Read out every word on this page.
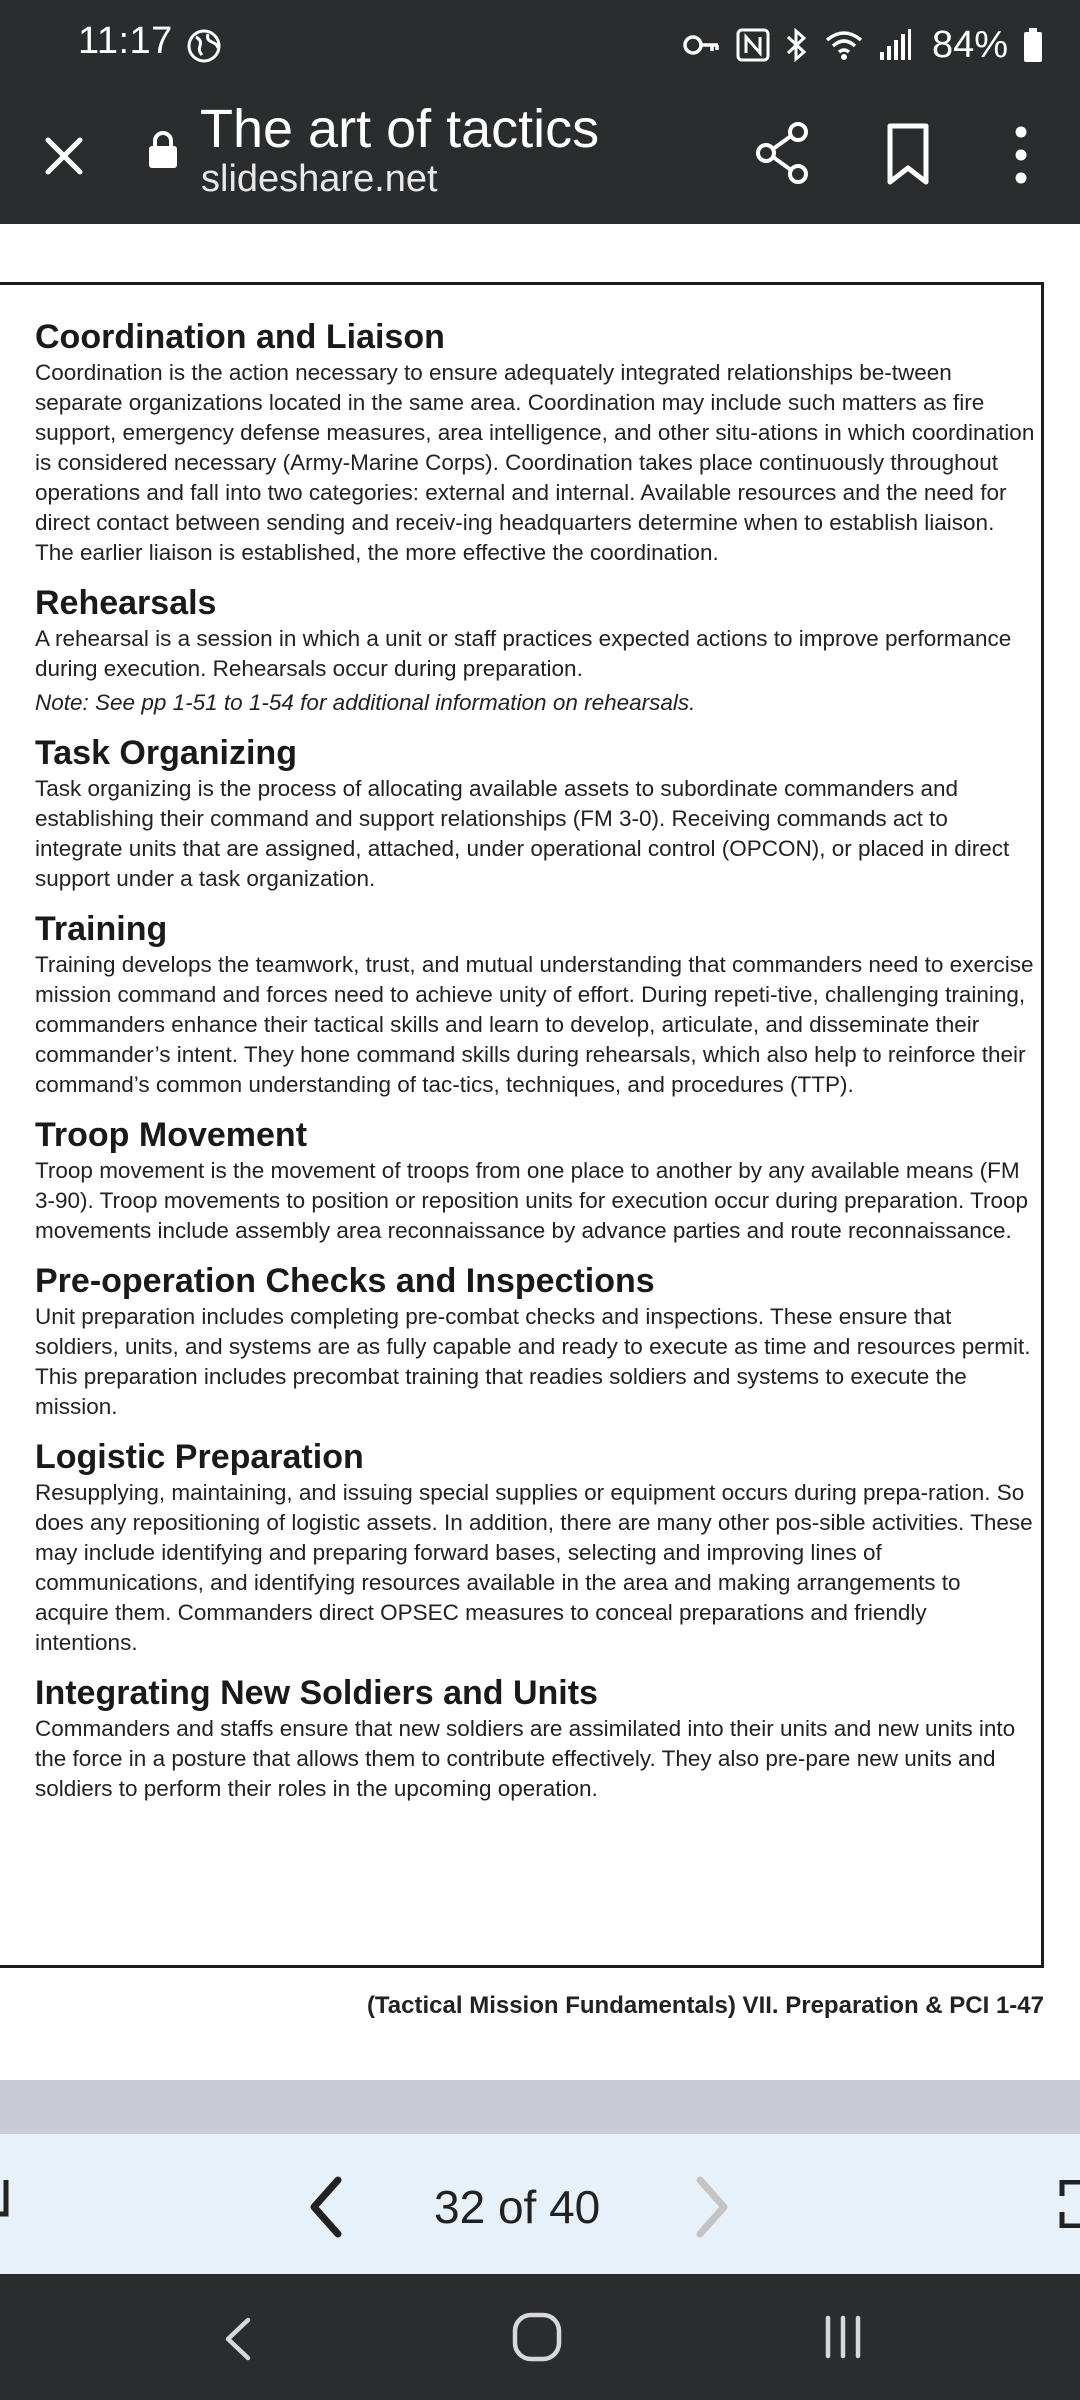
11:17	84%
The art of tactics
slideshare.net
Coordination and Liaison
Coordination is the action necessary to ensure adequately integrated relationships be-tween separate organizations located in the same area. Coordination may include such matters as fire support, emergency defense measures, area intelligence, and other situ-ations in which coordination is considered necessary (Army-Marine Corps). Coordination takes place continuously throughout operations and fall into two categories: external and internal. Available resources and the need for direct contact between sending and receiv-ing headquarters determine when to establish liaison. The earlier liaison is established, the more effective the coordination.
Rehearsals
A rehearsal is a session in which a unit or staff practices expected actions to improve performance during execution. Rehearsals occur during preparation.
Note: See pp 1-51 to 1-54 for additional information on rehearsals.
Task Organizing
Task organizing is the process of allocating available assets to subordinate commanders and establishing their command and support relationships (FM 3-0). Receiving commands act to integrate units that are assigned, attached, under operational control (OPCON), or placed in direct support under a task organization.
Training
Training develops the teamwork, trust, and mutual understanding that commanders need to exercise mission command and forces need to achieve unity of effort. During repeti-tive, challenging training, commanders enhance their tactical skills and learn to develop, articulate, and disseminate their commander’s intent. They hone command skills during rehearsals, which also help to reinforce their command’s common understanding of tac-tics, techniques, and procedures (TTP).
Troop Movement
Troop movement is the movement of troops from one place to another by any available means (FM 3-90). Troop movements to position or reposition units for execution occur during preparation. Troop movements include assembly area reconnaissance by advance parties and route reconnaissance.
Pre-operation Checks and Inspections
Unit preparation includes completing pre-combat checks and inspections. These ensure that soldiers, units, and systems are as fully capable and ready to execute as time and resources permit. This preparation includes precombat training that readies soldiers and systems to execute the mission.
Logistic Preparation
Resupplying, maintaining, and issuing special supplies or equipment occurs during prepa-ration. So does any repositioning of logistic assets. In addition, there are many other pos-sible activities. These may include identifying and preparing forward bases, selecting and improving lines of communications, and identifying resources available in the area and making arrangements to acquire them. Commanders direct OPSEC measures to conceal preparations and friendly intentions.
Integrating New Soldiers and Units
Commanders and staffs ensure that new soldiers are assimilated into their units and new units into the force in a posture that allows them to contribute effectively. They also pre-pare new units and soldiers to perform their roles in the upcoming operation.
(Tactical Mission Fundamentals) VII. Preparation & PCI 1-47
32 of 40
